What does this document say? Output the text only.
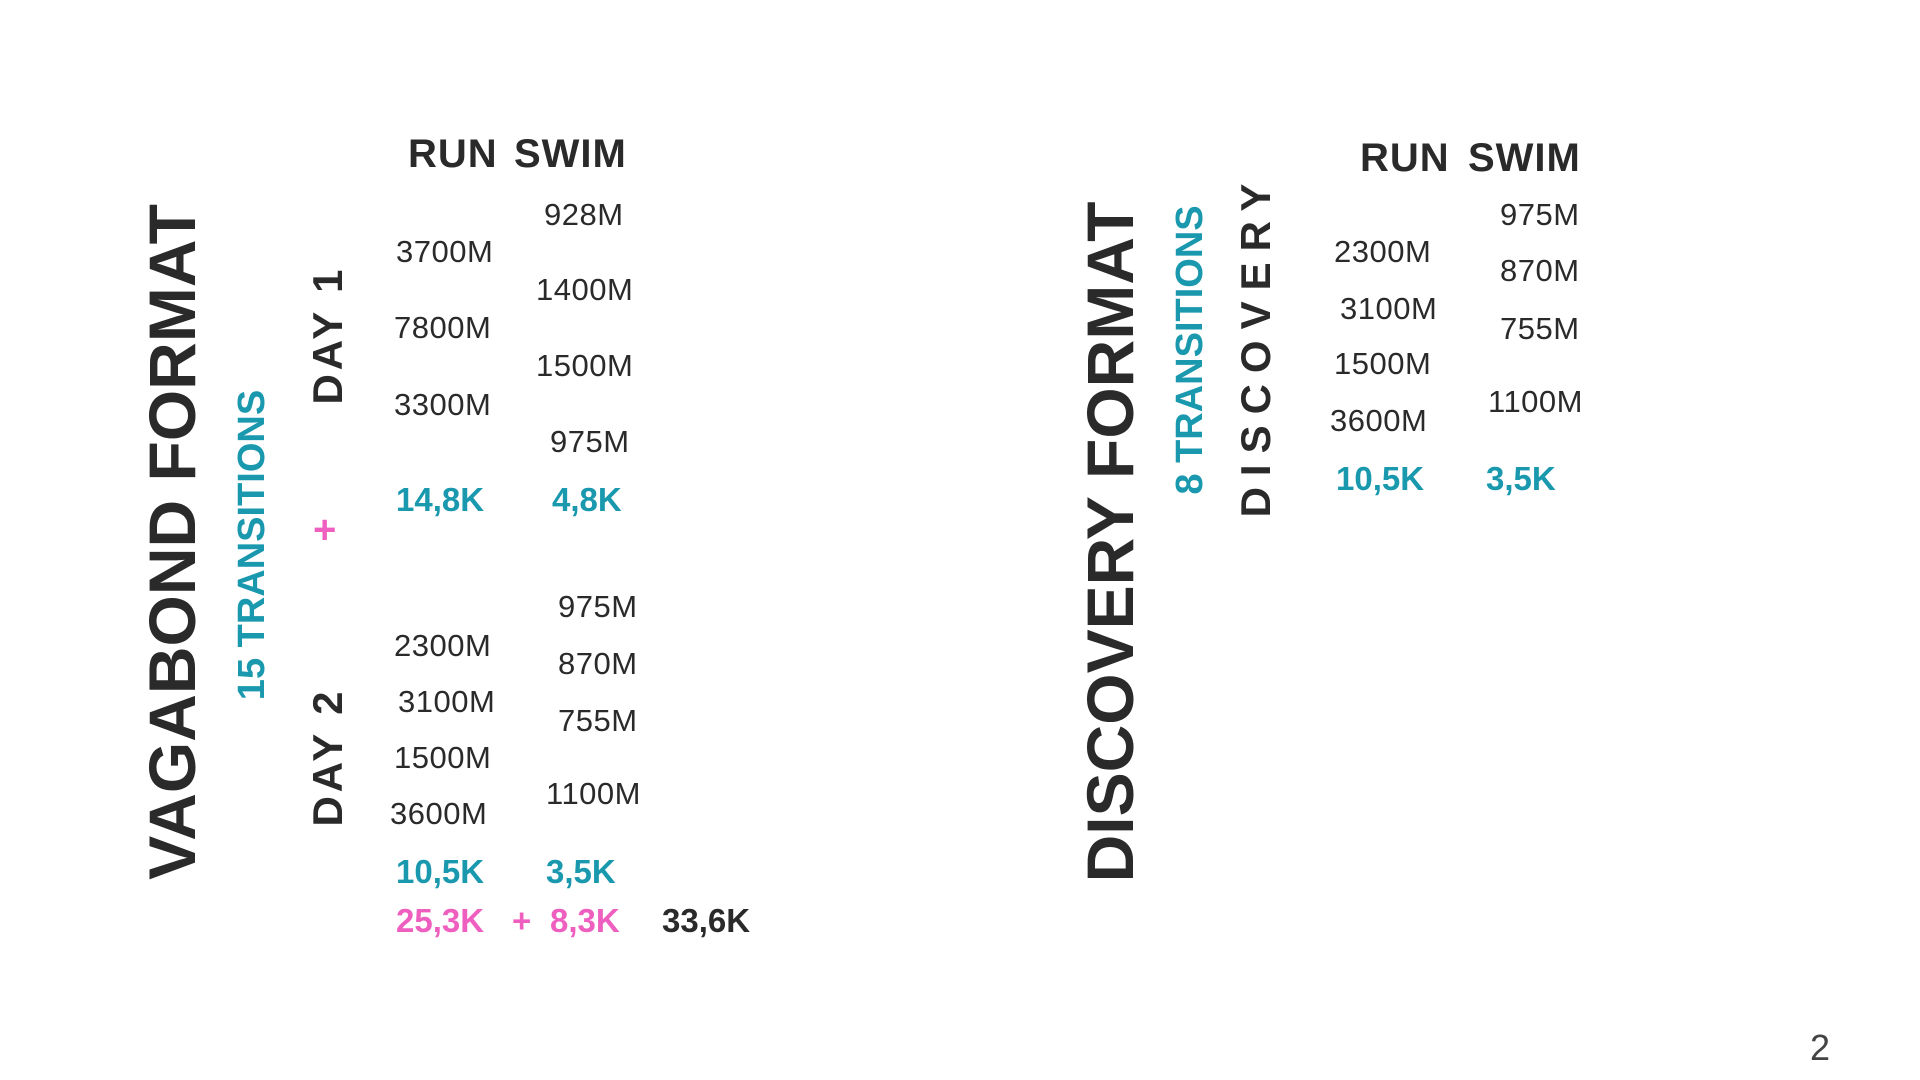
VAGABOND FORMAT 15 TRANSITIONS
DAY 1
+
DAY 2
RUN SWIM
3700M
7800M
3300M
928M
1400M
1500M
975M
14,8K 4,8K
2300M
3100M
1500M
3600M
975M
870M
755M
1100M
10,5K 3,5K
25,3K + 8,3K 33,6K
DISCOVERY FORMAT 8 TRANSITIONS DISCOVERY
RUN SWIM
2300M
3100M
1500M
3600M
975M
870M
755M
1100M
10,5K 3,5K
2
